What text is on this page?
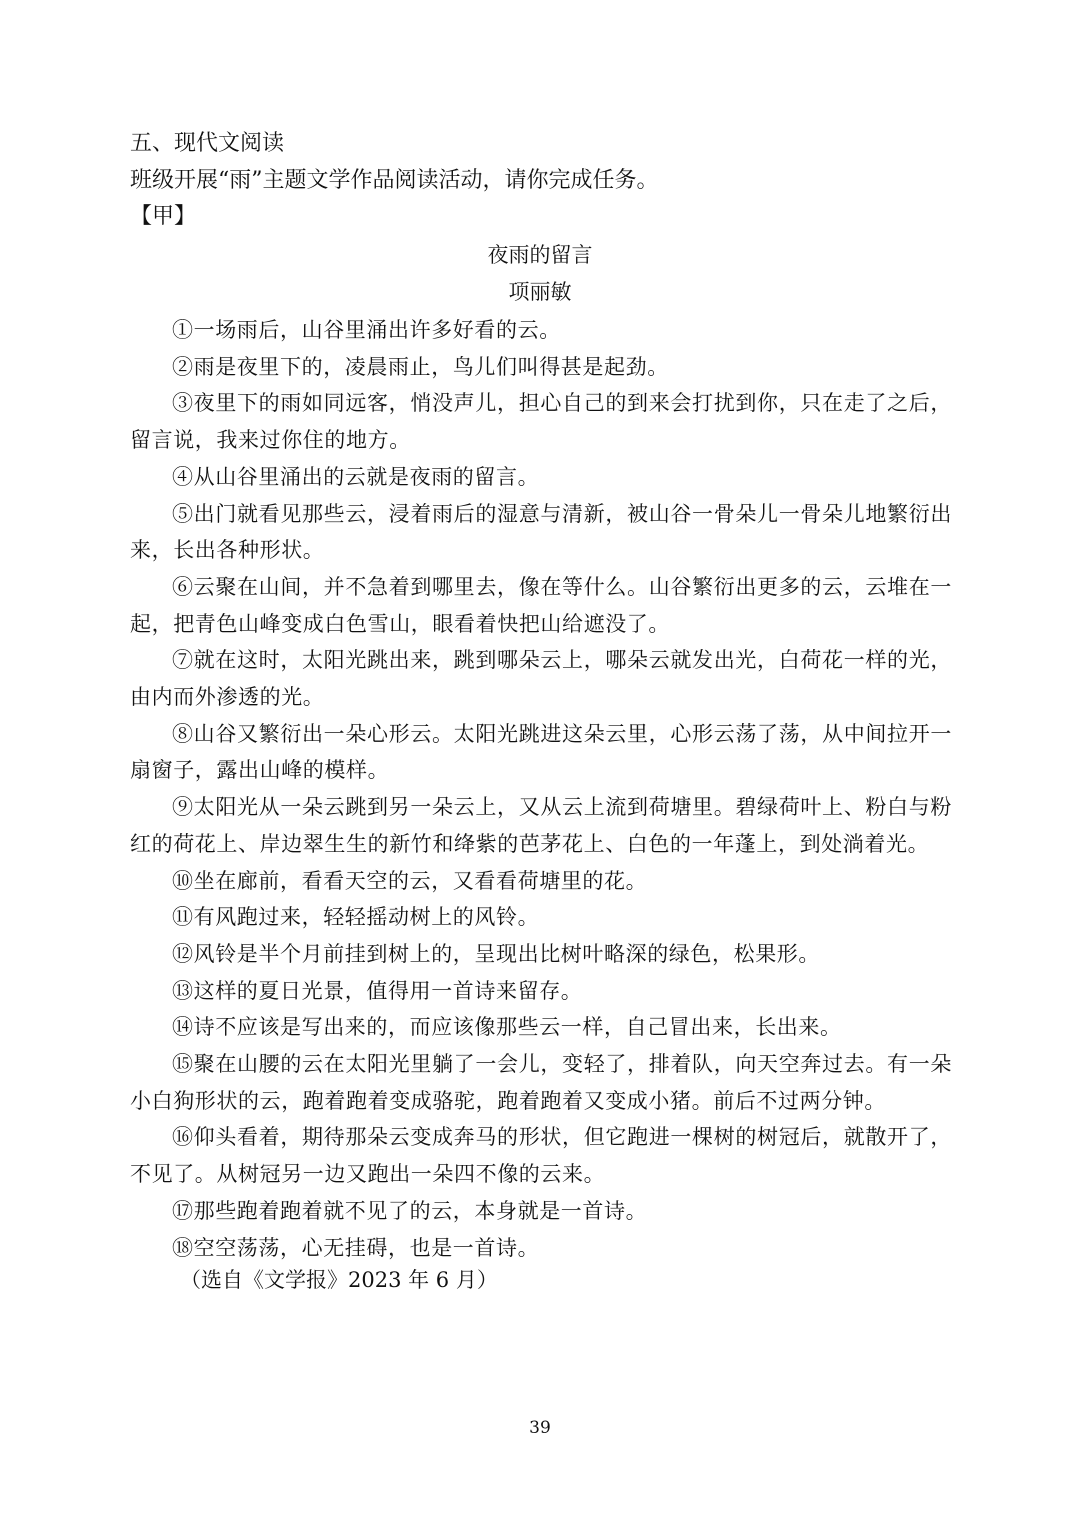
五、现代文阅读
班级开展“雨”主题文学作品阅读活动，请你完成任务。
【甲】
夜雨的留言
项丽敏

①一场雨后，山谷里涌出许多好看的云。

②雨是夜里下的，凌晨雨止，鸟儿们叫得甚是起劲。

③夜里下的雨如同远客，悄没声儿，担心自己的到来会打扰到你，只在走了之后，留言说，我来过你住的地方。

④从山谷里涌出的云就是夜雨的留言。

⑤出门就看见那些云，浸着雨后的湿意与清新，被山谷一骨朵儿一骨朵儿地繁衍出来，长出各种形状。

⑥云聚在山间，并不急着到哪里去，像在等什么。山谷繁衍出更多的云，云堆在一起，把青色山峰变成白色雪山，眼看着快把山给遮没了。

⑦就在这时，太阳光跳出来，跳到哪朵云上，哪朵云就发出光，白荷花一样的光，由内而外渗透的光。

⑧山谷又繁衍出一朵心形云。太阳光跳进这朵云里，心形云荡了荡，从中间拉开一扇窗子，露出山峰的模样。

⑨太阳光从一朵云跳到另一朵云上，又从云上流到荷塘里。碧绿荷叶上、粉白与粉红的荷花上、岸边翠生生的新竹和绛紫的芭茅花上、白色的一年蓬上，到处淌着光。

⑩坐在廊前，看看天空的云，又看看荷塘里的花。

⑪有风跑过来，轻轻摇动树上的风铃。

⑫风铃是半个月前挂到树上的，呈现出比树叶略深的绿色，松果形。

⑬这样的夏日光景，值得用一首诗来留存。

⑭诗不应该是写出来的，而应该像那些云一样，自己冒出来，长出来。

⑮聚在山腰的云在太阳光里躺了一会儿，变轻了，排着队，向天空奔过去。有一朵小白狗形状的云，跑着跑着变成骆驼，跑着跑着又变成小猪。前后不过两分钟。

⑯仰头看着，期待那朵云变成奔马的形状，但它跑进一棵树的树冠后，就散开了，不见了。从树冠另一边又跑出一朵四不像的云来。

⑰那些跑着跑着就不见了的云，本身就是一首诗。

⑱空空荡荡，心无挂碍，也是一首诗。

（选自《文学报》2023 年 6 月）
39
